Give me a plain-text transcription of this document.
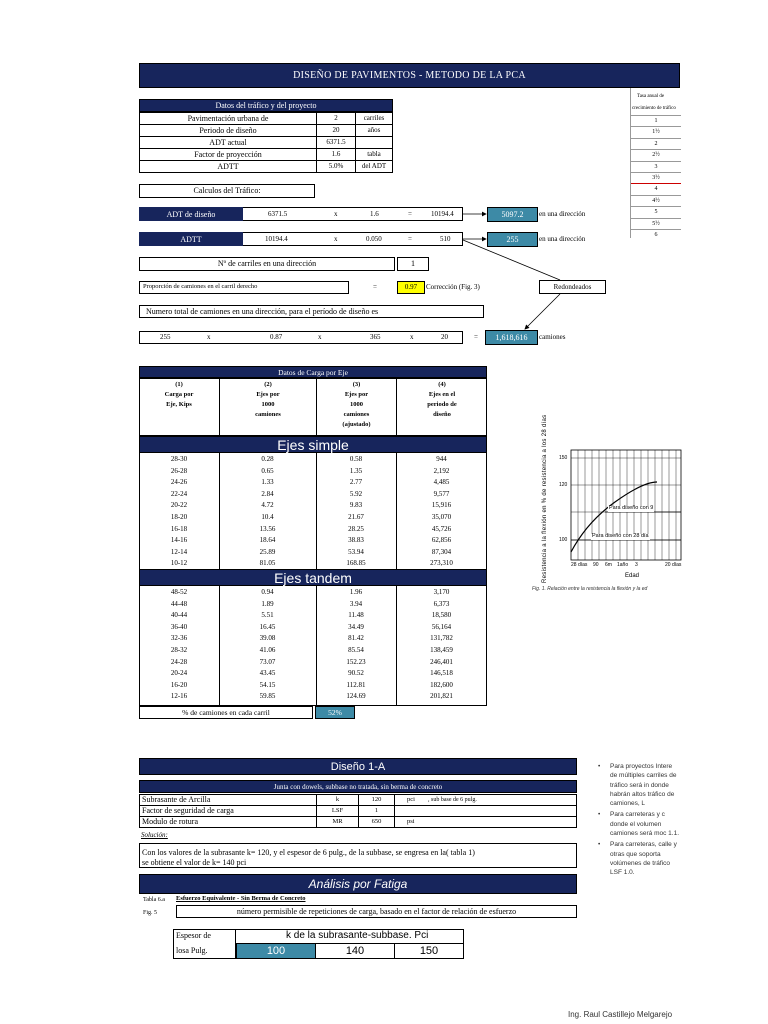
DISEÑO DE PAVIMENTOS - METODO DE LA PCA
Datos del tráfico y del proyecto
Pavimentación urbana de	2	carriles
Periodo de diseño	20	años
ADT actual	6371.5
Factor de proyección	1.6	tabla
ADTT	5.0%	del ADT
Tasa anual de
crecimiento de tráfico
1
1½
2
2½
3
3½
4
4½
5
5½
6
Calculos del Tráfico:
ADT de diseño	6371.5	x	1.6	=	10194.4	5097.2 en una dirección
ADTT	10194.4	x	0.050	=	510	255	en una dirección
Nº de carriles en una dirección	1
Proporción de camiones en el carril derecho	=	0.97	Corrección (Fig. 3)	Redondeados
Numero total de camiones en una dirección, para el período de diseño es
255	x	0.87	x	365	x	20	= 1,618,616 camiones
Datos de Carga por Eje
(1)
Carga por
Eje, Kips
(2)
Ejes por
1000
camiones
(3)
Ejes por
1000
camiones
(ajustado)
(4)
Ejes en el
periodo de
diseño
Ejes simple
28-30	0.28	0.58	944
26-28	0.65	1.35	2,192
24-26	1.33	2.77	4,485
22-24	2.84	5.92	9,577
20-22	4.72	9.83	15,916
18-20	10.4	21.67	35,070
16-18	13.56	28.25	45,726
14-16	18.64	38.83	62,856
12-14	25.89	53.94	87,304
10-12	81.05	168.85	273,310
Ejes tandem
48-52	0.94	1.96	3,170
44-48	1.89	3.94	6,373
40-44	5.51	11.48	18,580
36-40	16.45	34.49	56,164
32-36	39.08	81.42	131,782
28-32	41.06	85.54	138,459
24-28	73.07	152.23	246,401
20-24	43.45	90.52	146,518
16-20	54.15	112.81	182,600
12-16	59.85	124.69	201,821
% de camiones en cada carril	52%
Resistencia a la flexión en % de resistencia a los 28 días 150
120
100
Para diseño con 9
Para diseño con 28 día
28 días 90 6m 1año 3	20 días
Edad
Fig. 1. Relación entre la resistencia la flexión y la ed
• Para proyectos Intere de múltiples carriles de tráfico será in donde habrán altos tráfico de camiones, L
• Para carreteras y c donde el volumen camiones será moc 1.1.
• Para carreteras, calle y otras que soporta volúmenes de tráfico LSF 1.0.
Diseño 1-A
Junta con dowels, subbase no tratada, sin berma de concreto
Subrasante de Arcilla	k	120	pci , sub base de 6 pulg.
Factor de seguridad de carga	LSF	1
Modulo de rotura	MR	650	psi
Solución:
Con los valores de la subrasante k= 120, y el espesor de 6 pulg., de la subbase, se engresa en la( tabla 1)
se obtiene el valor de k= 140 pci
Análisis por Fatiga
Tabla 6.a Esfuerzo Equivalente - Sin Berma de Concreto
Fig. 5	número permisible de repeticiones de carga, basado en el factor de relación de esfuerzo
Espesor de
losa Pulg.
k de la subrasante-subbase. Pci
100	140	150
Ing. Raul Castillejo Melgarejo
